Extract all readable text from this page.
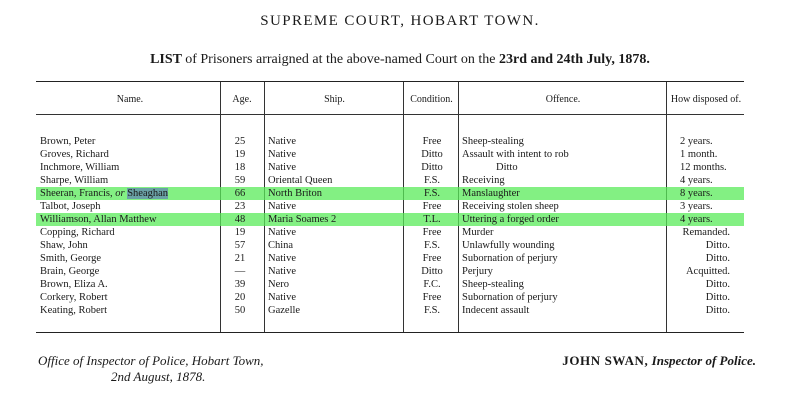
SUPREME COURT, HOBART TOWN.
LIST of Prisoners arraigned at the above-named Court on the 23rd and 24th July, 1878.
Name.	Age.	Ship.	Condition.	Offence.	How disposed of.
Brown, Peter	25	Native	Free	Sheep-stealing	2 years.
Groves, Richard	19	Native	Ditto	Assault with intent to rob	1 month.
Inchmore, William	18	Native	Ditto	Ditto	12 months.
Sharpe, William	59	Oriental Queen	F.S.	Receiving	4 years.
Sheeran, Francis, or Sheaghan	66	North Briton	F.S.	Manslaughter	8 years.
Talbot, Joseph	23	Native	Free	Receiving stolen sheep	3 years.
Williamson, Allan Matthew	48	Maria Soames 2	T.L.	Uttering a forged order	4 years.
Copping, Richard	19	Native	Free	Murder	Remanded.
Shaw, John	57	China	F.S.	Unlawfully wounding	Ditto.
Smith, George	21	Native	Free	Subornation of perjury	Ditto.
Brain, George	—	Native	Ditto	Perjury	Acquitted.
Brown, Eliza A.	39	Nero	F.C.	Sheep-stealing	Ditto.
Corkery, Robert	20	Native	Free	Subornation of perjury	Ditto.
Keating, Robert	50	Gazelle	F.S.	Indecent assault	Ditto.
Office of Inspector of Police, Hobart Town,
2nd August, 1878.
JOHN SWAN, Inspector of Police.
